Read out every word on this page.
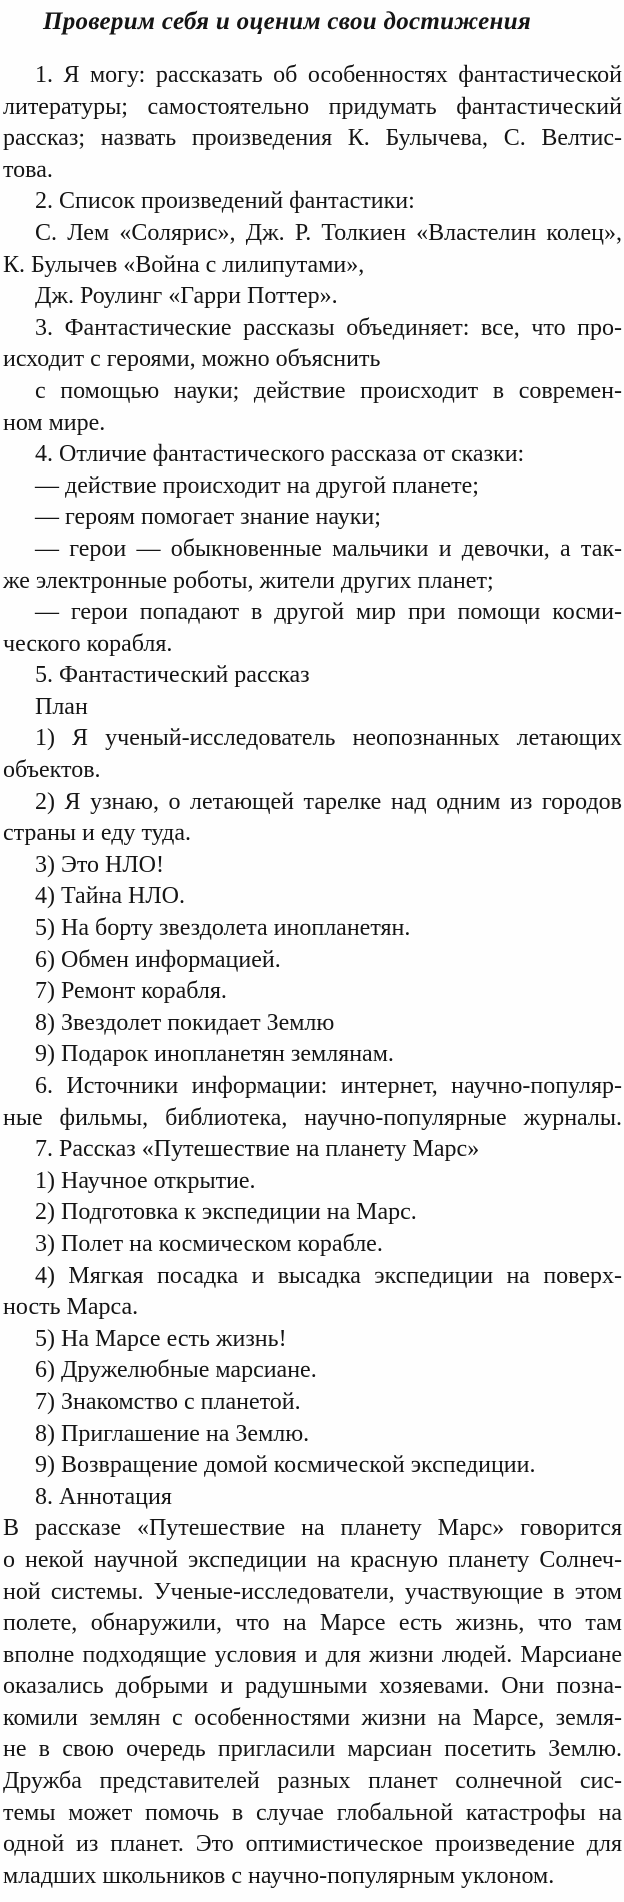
Проверим себя и оценим свои достижения
1. Я могу: рассказать об особенностях фантастической
литературы; самостоятельно придумать фантастический
рассказ; назвать произведения К. Булычева, С. Велтис-
това.
2. Список произведений фантастики:
С. Лем «Солярис», Дж. Р. Толкиен «Властелин колец»,
К. Булычев «Война с лилипутами»,
Дж. Роулинг «Гарри Поттер».
3. Фантастические рассказы объединяет: все, что про-
исходит с героями, можно объяснить
с помощью науки; действие происходит в современ-
ном мире.
4. Отличие фантастического рассказа от сказки:
— действие происходит на другой планете;
— героям помогает знание науки;
— герои — обыкновенные мальчики и девочки, а так-
же электронные роботы, жители других планет;
— герои попадают в другой мир при помощи косми-
ческого корабля.
5. Фантастический рассказ
План
1) Я ученый-исследователь неопознанных летающих
объектов.
2) Я узнаю, о летающей тарелке над одним из городов
страны и еду туда.
3) Это НЛО!
4) Тайна НЛО.
5) На борту звездолета инопланетян.
6) Обмен информацией.
7) Ремонт корабля.
8) Звездолет покидает Землю
9) Подарок инопланетян землянам.
6. Источники информации: интернет, научно-популяр-
ные фильмы, библиотека, научно-популярные журналы.
7. Рассказ «Путешествие на планету Марс»
1) Научное открытие.
2) Подготовка к экспедиции на Марс.
3) Полет на космическом корабле.
4) Мягкая посадка и высадка экспедиции на поверх-
ность Марса.
5) На Марсе есть жизнь!
6) Дружелюбные марсиане.
7) Знакомство с планетой.
8) Приглашение на Землю.
9) Возвращение домой космической экспедиции.
8. Аннотация
В рассказе «Путешествие на планету Марс» говорится
о некой научной экспедиции на красную планету Солнеч-
ной системы. Ученые-исследователи, участвующие в этом
полете, обнаружили, что на Марсе есть жизнь, что там
вполне подходящие условия и для жизни людей. Марсиане
оказались добрыми и радушными хозяевами. Они позна-
комили землян с особенностями жизни на Марсе, земля-
не в свою очередь пригласили марсиан посетить Землю.
Дружба представителей разных планет солнечной сис-
темы может помочь в случае глобальной катастрофы на
одной из планет. Это оптимистическое произведение для
младших школьников с научно-популярным уклоном.
